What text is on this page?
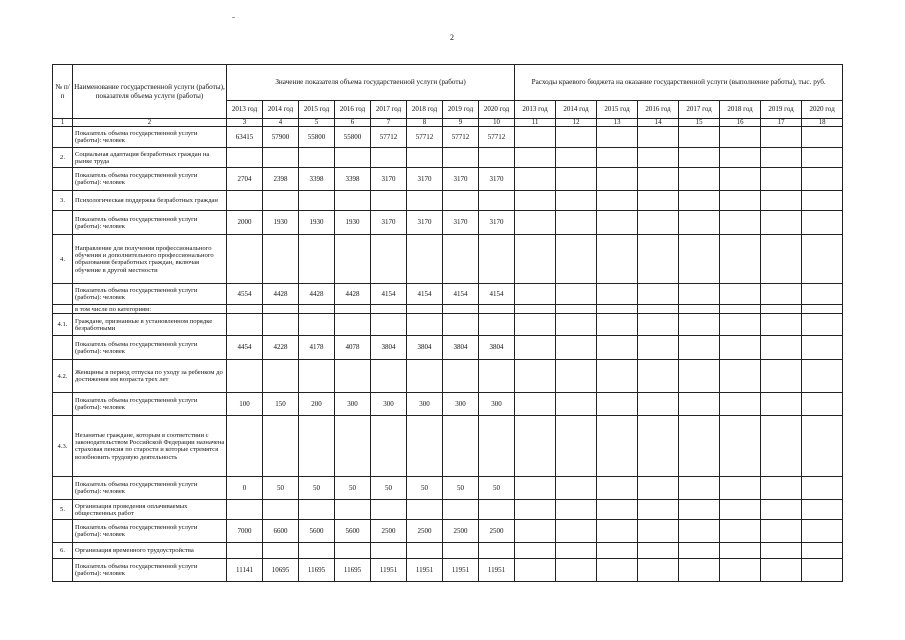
2
№ п/п	Наименование государственной услуги (работы), показателя объема услуги (работы)	Значение показателя объема государственной услуги (работы)								Расходы краевого бюджета на оказание государственной услуги (выполнение работы), тыс. руб.							
		2013 год	2014 год	2015 год	2016 год	2017 год	2018 год	2019 год	2020 год	2013 год	2014 год	2015 год	2016 год	2017 год	2018 год	2019 год	2020 год
1	2	3	4	5	6	7	8	9	10	11	12	13	14	15	16	17	18
	Показатель объема государственной услуги (работы): человек	63415	57900	55800	55800	57712	57712	57712	57712								
2.	Социальная адаптация безработных граждан на рынке труда																
	Показатель объема государственной услуги (работы): человек	2704	2398	3398	3398	3170	3170	3170	3170								
3.	Психологическая поддержка безработных граждан																
	Показатель объема государственной услуги (работы): человек	2000	1930	1930	1930	3170	3170	3170	3170								
4.	Направление для получения профессионального обучения и дополнительного профессионального образования безработных граждан, включая обучение в другой местности																
	Показатель объема государственной услуги (работы): человек	4554	4428	4428	4428	4154	4154	4154	4154								
	в том числе по категориям:																
4.1.	Граждане, признанные в установленном порядке безработными																
	Показатель объема государственной услуги (работы): человек	4454	4228	4178	4078	3804	3804	3804	3804								
4.2.	Женщины в период отпуска по уходу за ребенком до достижения им возраста трех лет																
	Показатель объема государственной услуги (работы): человек	100	150	200	300	300	300	300	300								
4.3.	Незанятые граждане, которым в соответствии с законодательством Российской Федерации назначена страховая пенсия по старости и которые стремятся возобновить трудовую деятельность																
	Показатель объема государственной услуги (работы): человек	0	50	50	50	50	50	50	50								
5.	Организация проведения оплачиваемых общественных работ																
	Показатель объема государственной услуги (работы): человек	7000	6600	5600	5600	2500	2500	2500	2500								
6.	Организация временного трудоустройства																
	Показатель объема государственной услуги (работы): человек	11141	10695	11695	11695	11951	11951	11951	11951								
